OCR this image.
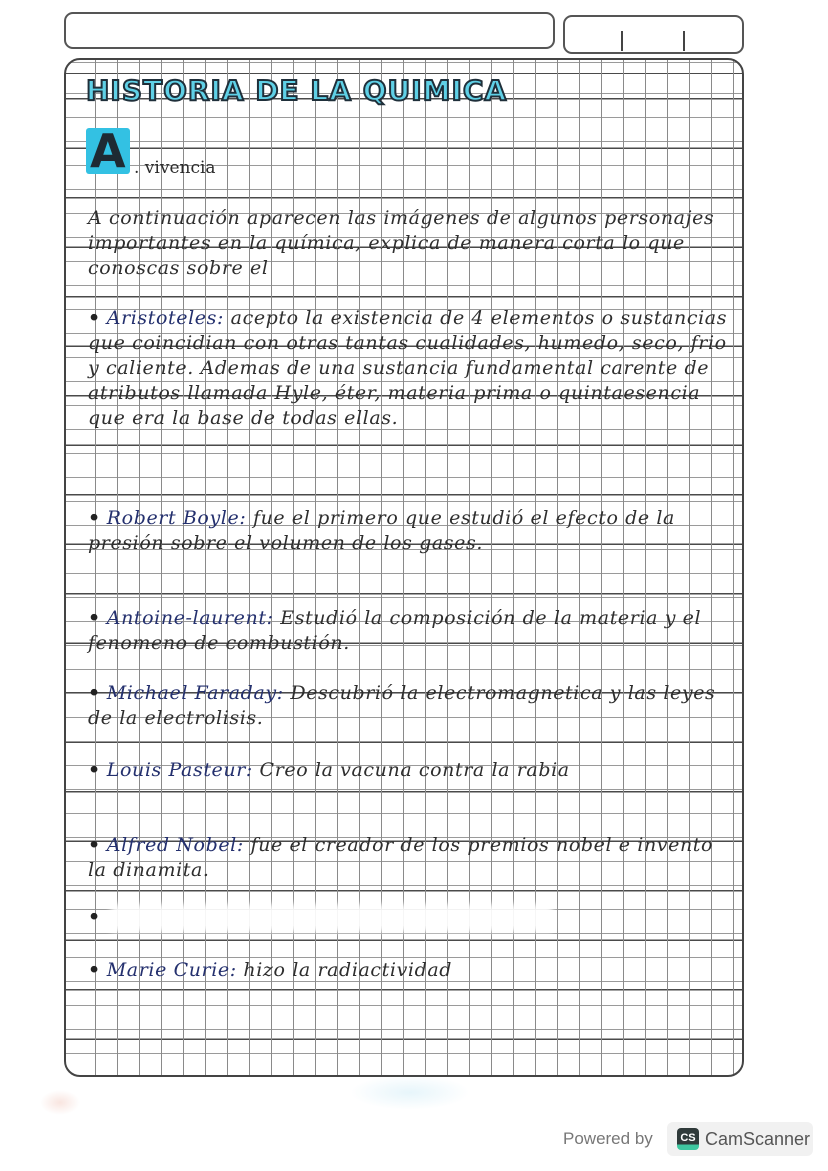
HISTORIA DE LA QUIMICA
A . vivencia

A continuación aparecen las imágenes de algunos personajes importantes en la química, explica de manera corta lo que conoscas sobre el

• Aristoteles: acepto la existencia de 4 elementos o sustancias que coincidian con otras tantas cualidades, humedo, seco, frio y caliente. Ademas de una sustancia fundamental carente de atributos llamada Hyle, éter, materia prima o quintaesencia que era la base de todas ellas.

• Robert Boyle: fue el primero que estudió el efecto de la presión sobre el volumen de los gases.

• Antoine-laurent: Estudió la composición de la materia y el fenomeno de combustión.

• Michael Faraday: Descubrió la electromagnetica y las leyes de la electrolisis.

• Louis Pasteur: Creo la vacuna contra la rabia

• Alfred Nobel: fue el creador de los premios nobel e invento la dinamita.

•

• Marie Curie: hizo la radiactividad

Powered by	CS CamScanner
